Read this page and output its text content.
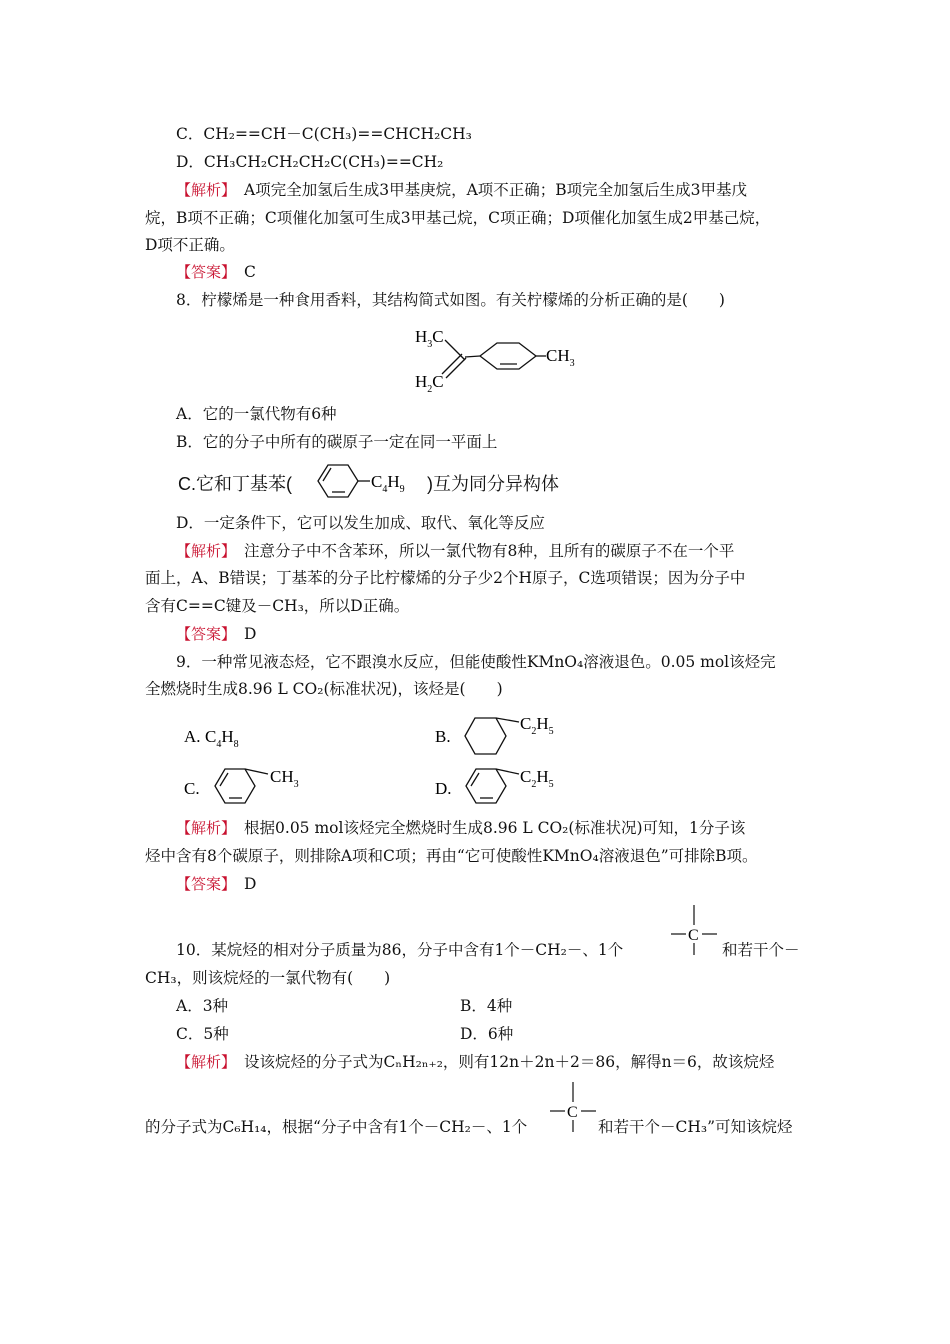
C．CH₂==CH－C(CH₃)==CHCH₂CH₃
D．CH₃CH₂CH₂CH₂C(CH₃)==CH₂
【解析】　 A项完全加氢后生成3甲基庚烷，A项不正确；B项完全加氢后生成3甲基戊
烷，B项不正确；C项催化加氢可生成3甲基己烷，C项正确；D项催化加氢生成2甲基己烷，
D项不正确。
【答案】　 C
8．柠檬烯是一种食用香料，其结构简式如图。有关柠檬烯的分析正确的是(　　)
$H_3C$
$H_2C$
$CH_3$
A．它的一氯代物有6种
B．它的分子中所有的碳原子一定在同一平面上
C.它和丁基苯(	$C_4H_9$ )互为同分异构体
D．一定条件下，它可以发生加成、取代、氧化等反应
【解析】　 注意分子中不含苯环，所以一氯代物有8种，且所有的碳原子不在一个平
面上，A、B错误；丁基苯的分子比柠檬烯的分子少2个H原子，C选项错误；因为分子中
含有C==C键及－CH₃，所以D正确。
【答案】　 D
9．一种常见液态烃，它不跟溴水反应，但能使酸性KMnO₄溶液退色。0.05 mol该烃完
全燃烧时生成8.96 L CO₂(标准状况)，该烃是(　　)
A. $C_4H_8$	B.
$C_2H_5$
C.
$CH_3$	D.
$C_2H_5$
【解析】　 根据0.05 mol该烃完全燃烧时生成8.96 L CO₂(标准状况)可知，1分子该
烃中含有8个碳原子，则排除A项和C项；再由“它可使酸性KMnO₄溶液退色”可排除B项。
【答案】　 D
10．某烷烃的相对分子质量为86，分子中含有1个－CH₂－、1个
C
和若干个－
CH₃，则该烷烃的一氯代物有(　　)
A．3种	B．4种
C．5种	D．6种
【解析】　 设该烷烃的分子式为CₙH₂ₙ₊₂，则有12n＋2n＋2＝86，解得n＝6，故该烷烃
的分子式为C₆H₁₄，根据“分子中含有1个－CH₂－、1个
C
和若干个－CH₃”可知该烷烃
